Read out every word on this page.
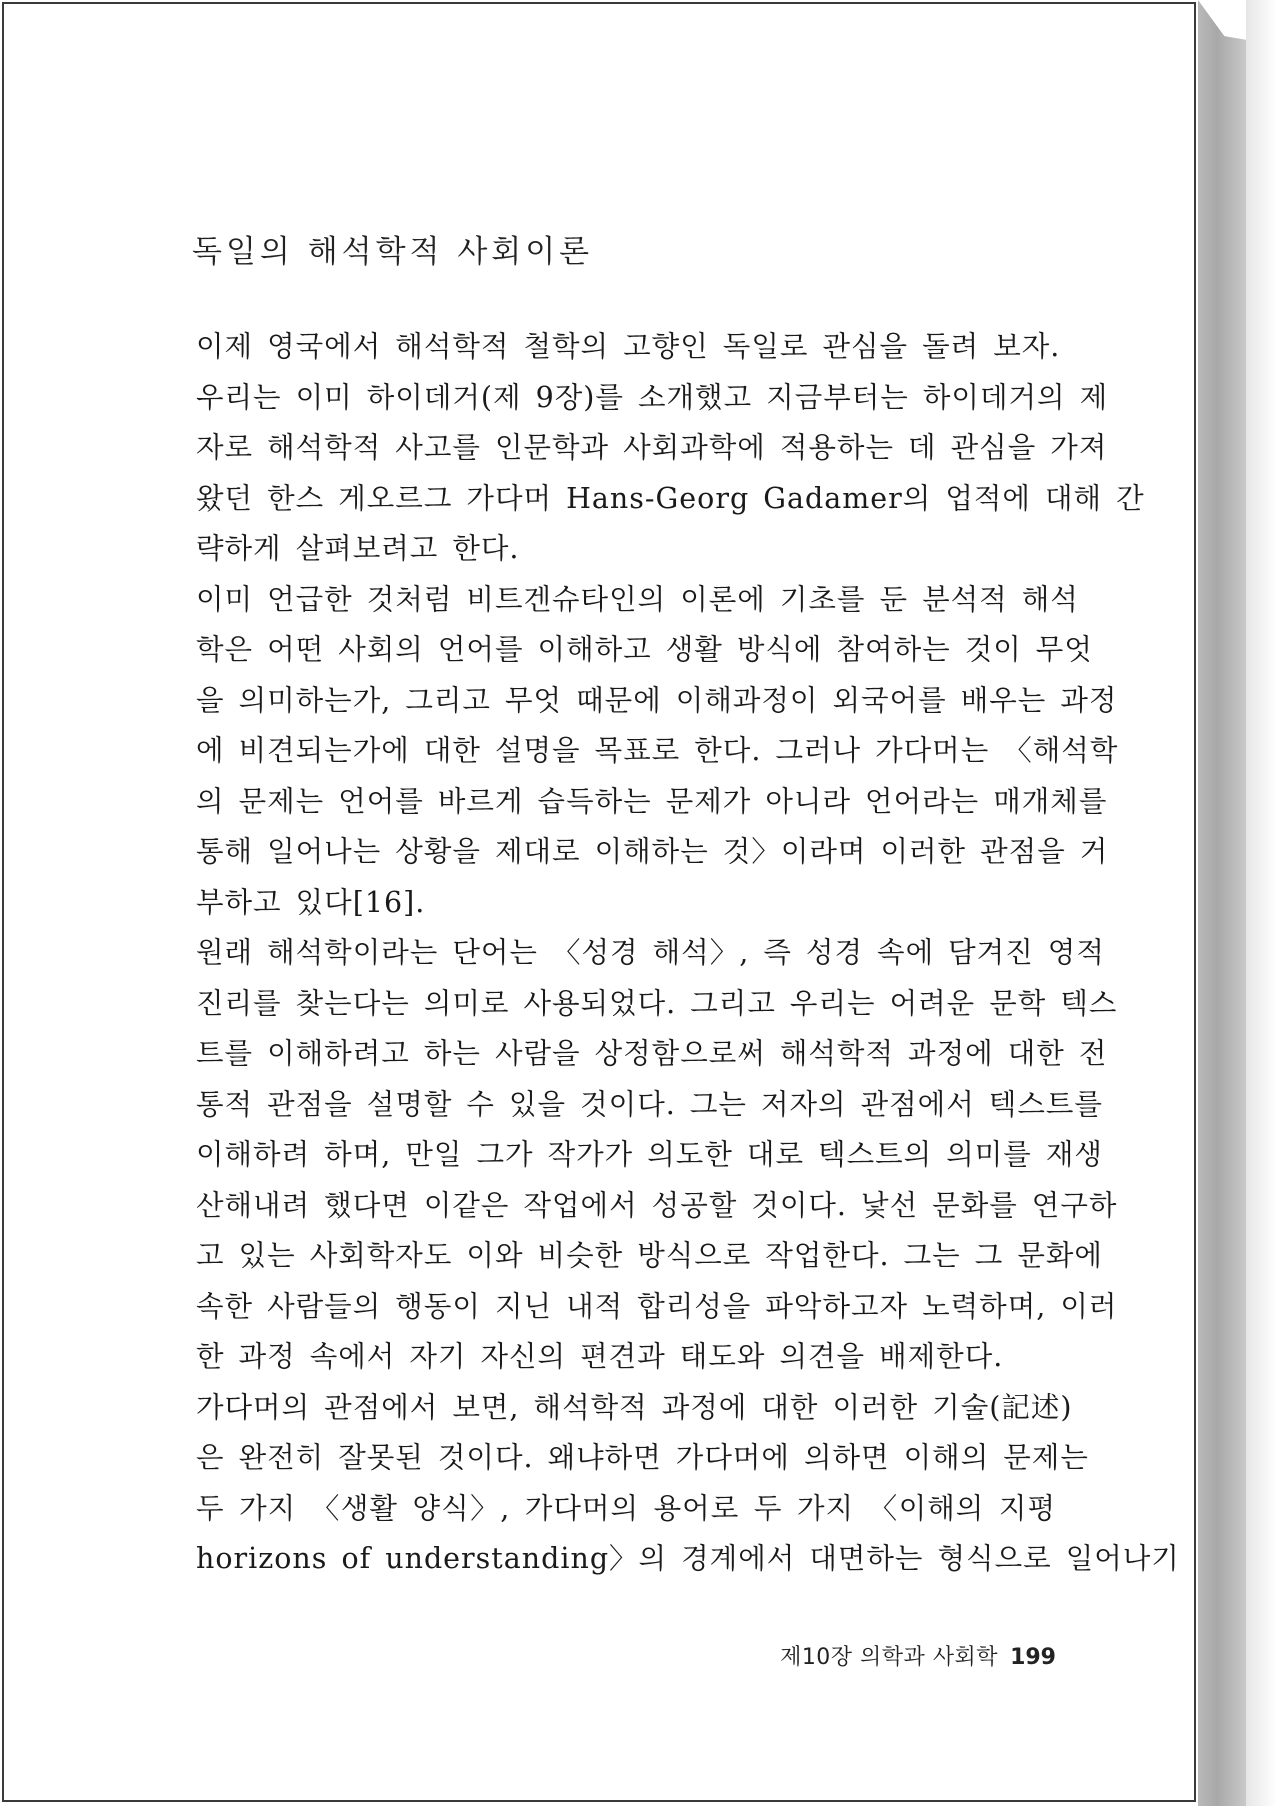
독일의 해석학적 사회이론

이제 영국에서 해석학적 철학의 고향인 독일로 관심을 돌려 보자.
우리는 이미 하이데거(제 9장)를 소개했고 지금부터는 하이데거의 제
자로 해석학적 사고를 인문학과 사회과학에 적용하는 데 관심을 가져
왔던 한스 게오르그 가다머 Hans-Georg Gadamer의 업적에 대해 간
략하게 살펴보려고 한다.

이미 언급한 것처럼 비트겐슈타인의 이론에 기초를 둔 분석적 해석
학은 어떤 사회의 언어를 이해하고 생활 방식에 참여하는 것이 무엇
을 의미하는가, 그리고 무엇 때문에 이해과정이 외국어를 배우는 과정
에 비견되는가에 대한 설명을 목표로 한다. 그러나 가다머는 〈해석학
의 문제는 언어를 바르게 습득하는 문제가 아니라 언어라는 매개체를
통해 일어나는 상황을 제대로 이해하는 것〉이라며 이러한 관점을 거
부하고 있다[16].

원래 해석학이라는 단어는 〈성경 해석〉, 즉 성경 속에 담겨진 영적
진리를 찾는다는 의미로 사용되었다. 그리고 우리는 어려운 문학 텍스
트를 이해하려고 하는 사람을 상정함으로써 해석학적 과정에 대한 전
통적 관점을 설명할 수 있을 것이다. 그는 저자의 관점에서 텍스트를
이해하려 하며, 만일 그가 작가가 의도한 대로 텍스트의 의미를 재생
산해내려 했다면 이같은 작업에서 성공할 것이다. 낯선 문화를 연구하
고 있는 사회학자도 이와 비슷한 방식으로 작업한다. 그는 그 문화에
속한 사람들의 행동이 지닌 내적 합리성을 파악하고자 노력하며, 이러
한 과정 속에서 자기 자신의 편견과 태도와 의견을 배제한다.

가다머의 관점에서 보면, 해석학적 과정에 대한 이러한 기술(記述)
은 완전히 잘못된 것이다. 왜냐하면 가다머에 의하면 이해의 문제는
두 가지 〈생활 양식〉, 가다머의 용어로 두 가지 〈이해의 지평
horizons of understanding〉의 경계에서 대면하는 형식으로 일어나기

제10장 의학과 사회학 199
